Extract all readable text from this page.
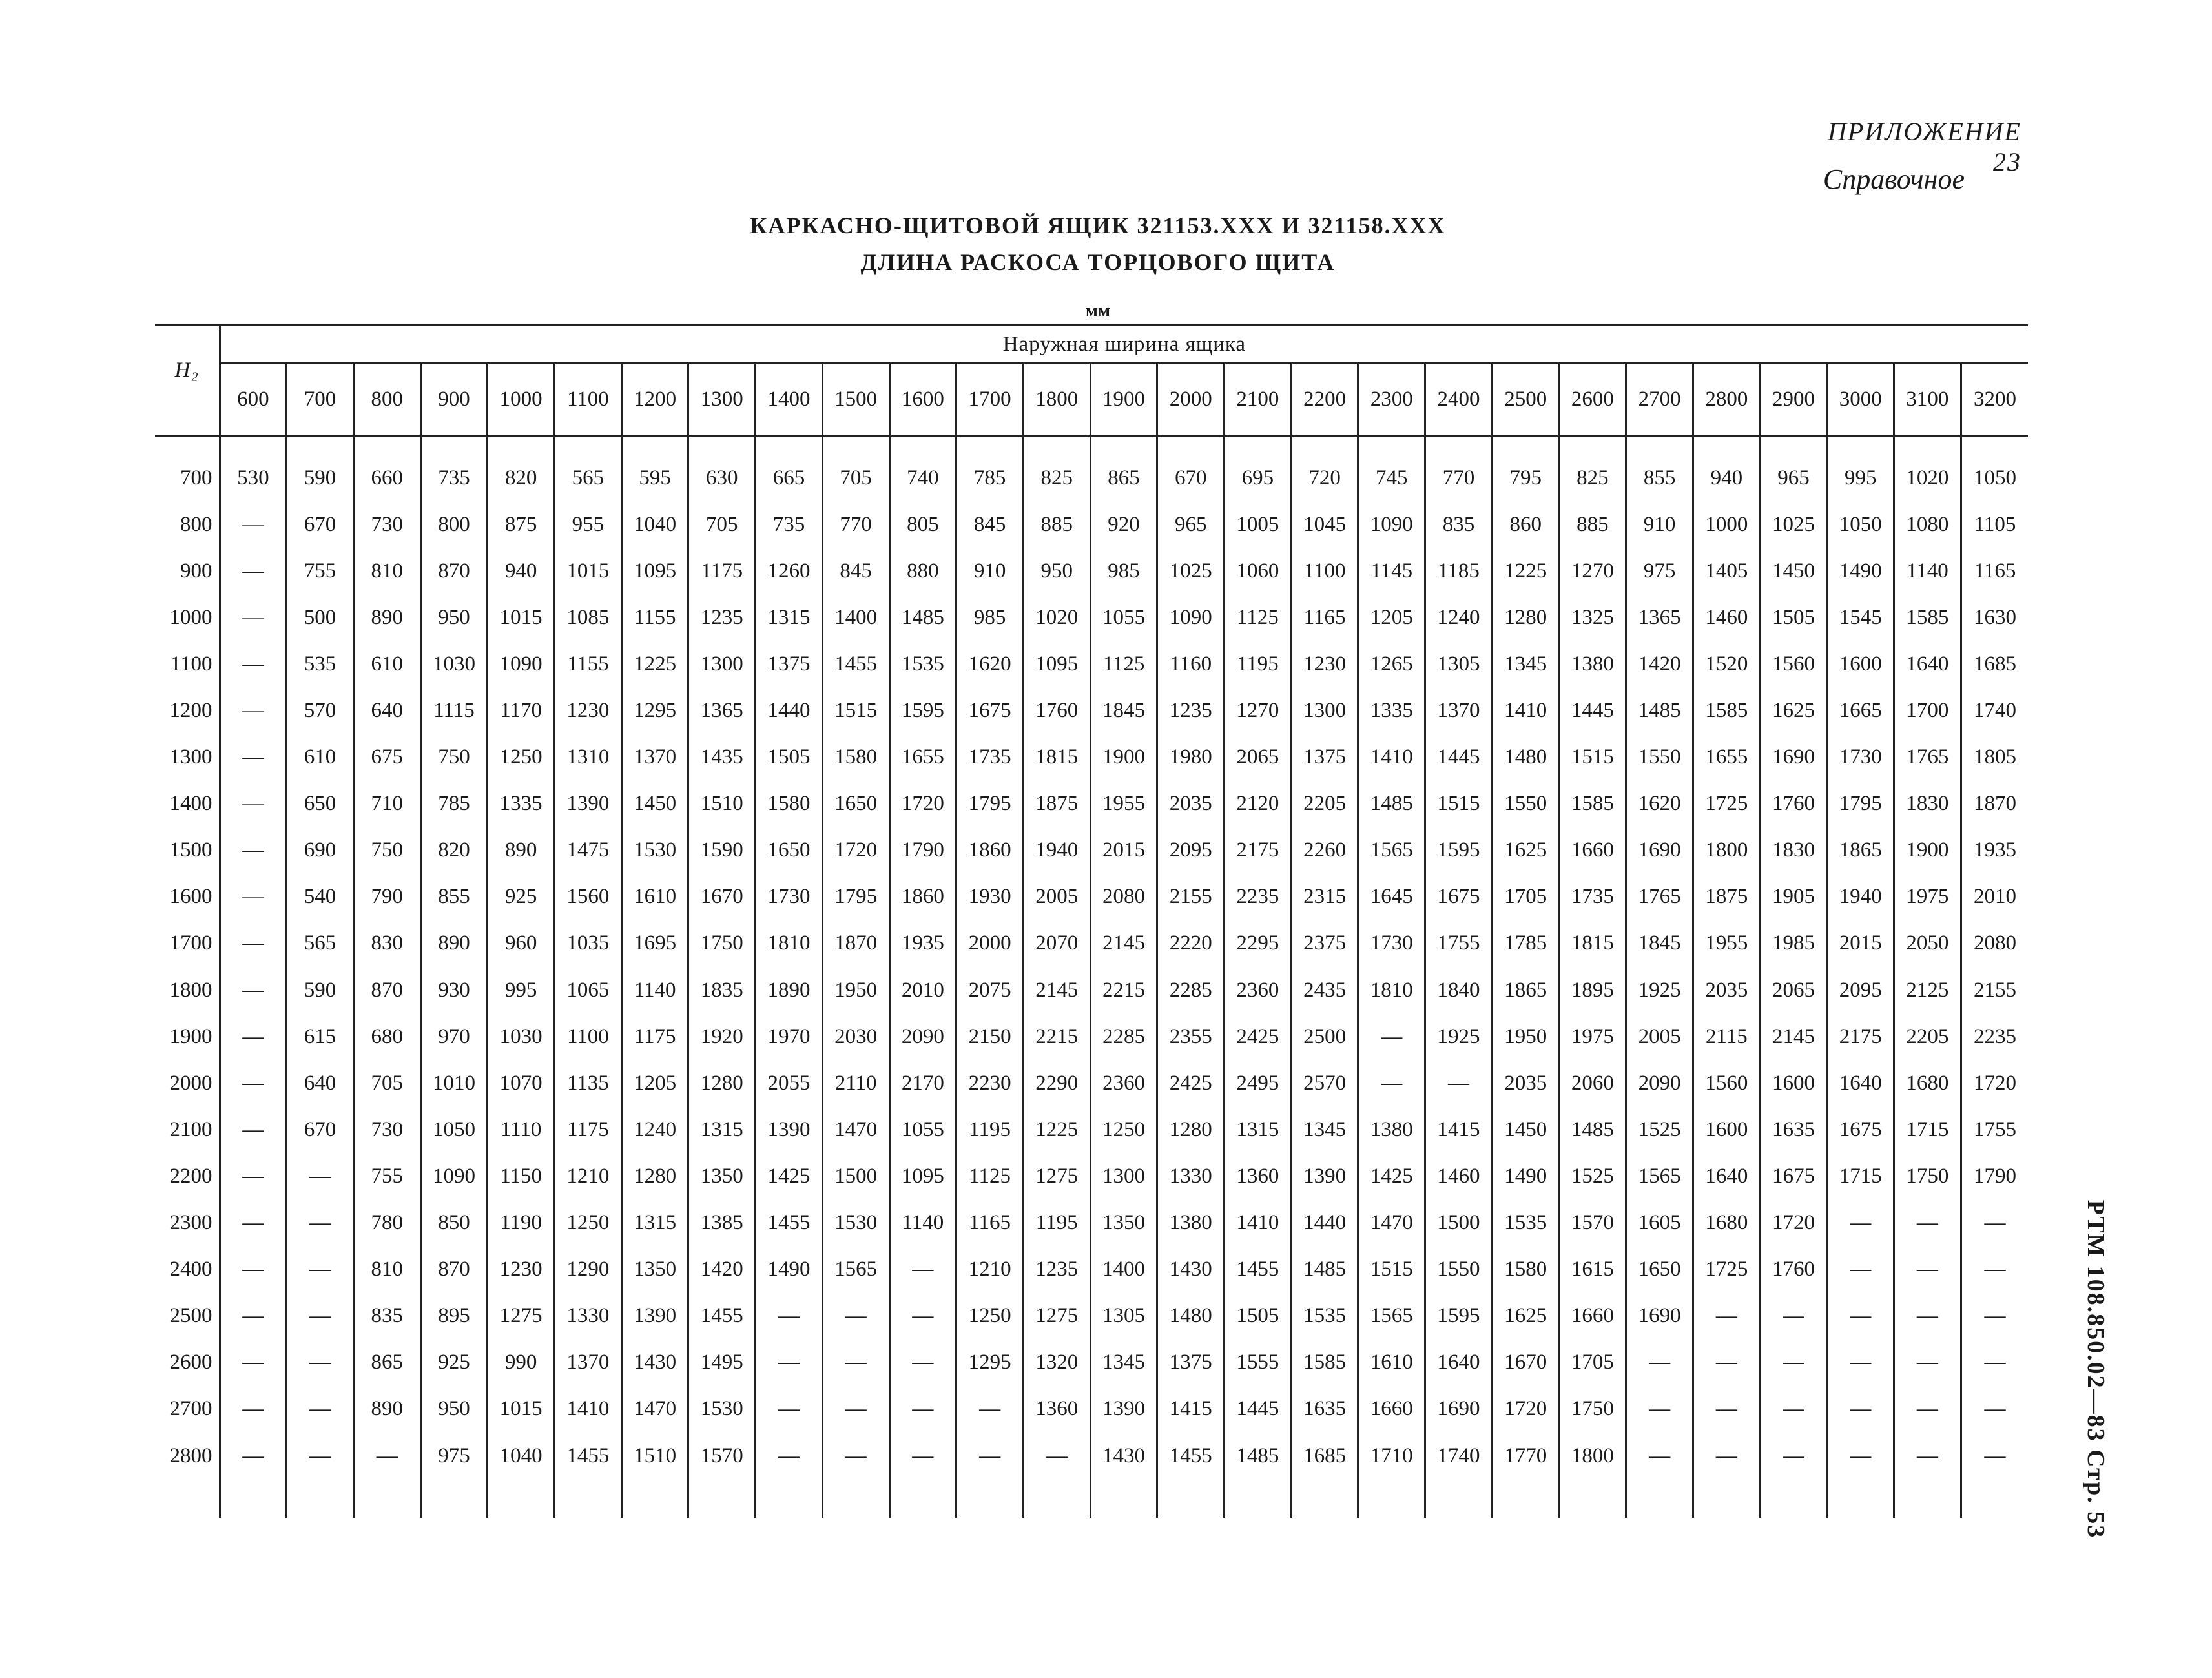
ПРИЛОЖЕНИЕ 23
Справочное
КАРКАСНО-ЩИТОВОЙ ЯЩИК 321153.XXX И 321158.XXX
ДЛИНА РАСКОСА ТОРЦОВОГО ЩИТА
мм
H₂	Наружная ширина ящика																										
	600	700	800	900	1000	1100	1200	1300	1400	1500	1600	1700	1800	1900	2000	2100	2200	2300	2400	2500	2600	2700	2800	2900	3000	3100	3200

700	530	590	660	735	820	565	595	630	665	705	740	785	825	865	670	695	720	745	770	795	825	855	940	965	995	1020	1050
800	—	670	730	800	875	955	1040	705	735	770	805	845	885	920	965	1005	1045	1090	835	860	885	910	1000	1025	1050	1080	1105
900	—	755	810	870	940	1015	1095	1175	1260	845	880	910	950	985	1025	1060	1100	1145	1185	1225	1270	975	1405	1450	1490	1140	1165
1000	—	500	890	950	1015	1085	1155	1235	1315	1400	1485	985	1020	1055	1090	1125	1165	1205	1240	1280	1325	1365	1460	1505	1545	1585	1630
1100	—	535	610	1030	1090	1155	1225	1300	1375	1455	1535	1620	1095	1125	1160	1195	1230	1265	1305	1345	1380	1420	1520	1560	1600	1640	1685
1200	—	570	640	1115	1170	1230	1295	1365	1440	1515	1595	1675	1760	1845	1235	1270	1300	1335	1370	1410	1445	1485	1585	1625	1665	1700	1740
1300	—	610	675	750	1250	1310	1370	1435	1505	1580	1655	1735	1815	1900	1980	2065	1375	1410	1445	1480	1515	1550	1655	1690	1730	1765	1805
1400	—	650	710	785	1335	1390	1450	1510	1580	1650	1720	1795	1875	1955	2035	2120	2205	1485	1515	1550	1585	1620	1725	1760	1795	1830	1870
1500	—	690	750	820	890	1475	1530	1590	1650	1720	1790	1860	1940	2015	2095	2175	2260	1565	1595	1625	1660	1690	1800	1830	1865	1900	1935
1600	—	540	790	855	925	1560	1610	1670	1730	1795	1860	1930	2005	2080	2155	2235	2315	1645	1675	1705	1735	1765	1875	1905	1940	1975	2010
1700	—	565	830	890	960	1035	1695	1750	1810	1870	1935	2000	2070	2145	2220	2295	2375	1730	1755	1785	1815	1845	1955	1985	2015	2050	2080
1800	—	590	870	930	995	1065	1140	1835	1890	1950	2010	2075	2145	2215	2285	2360	2435	1810	1840	1865	1895	1925	2035	2065	2095	2125	2155
1900	—	615	680	970	1030	1100	1175	1920	1970	2030	2090	2150	2215	2285	2355	2425	2500	—	1925	1950	1975	2005	2115	2145	2175	2205	2235
2000	—	640	705	1010	1070	1135	1205	1280	2055	2110	2170	2230	2290	2360	2425	2495	2570	—	—	2035	2060	2090	1560	1600	1640	1680	1720
2100	—	670	730	1050	1110	1175	1240	1315	1390	1470	1055	1195	1225	1250	1280	1315	1345	1380	1415	1450	1485	1525	1600	1635	1675	1715	1755
2200	—	—	755	1090	1150	1210	1280	1350	1425	1500	1095	1125	1275	1300	1330	1360	1390	1425	1460	1490	1525	1565	1640	1675	1715	1750	1790
2300	—	—	780	850	1190	1250	1315	1385	1455	1530	1140	1165	1195	1350	1380	1410	1440	1470	1500	1535	1570	1605	1680	1720	—	—	—
2400	—	—	810	870	1230	1290	1350	1420	1490	1565	—	1210	1235	1400	1430	1455	1485	1515	1550	1580	1615	1650	1725	1760	—	—	—
2500	—	—	835	895	1275	1330	1390	1455	—	—	—	1250	1275	1305	1480	1505	1535	1565	1595	1625	1660	1690	—	—	—	—	—
2600	—	—	865	925	990	1370	1430	1495	—	—	—	1295	1320	1345	1375	1555	1585	1610	1640	1670	1705	—	—	—	—	—	—
2700	—	—	890	950	1015	1410	1470	1530	—	—	—	—	1360	1390	1415	1445	1635	1660	1690	1720	1750	—	—	—	—	—	—
2800	—	—	—	975	1040	1455	1510	1570	—	—	—	—	—	1430	1455	1485	1685	1710	1740	1770	1800	—	—	—	—	—	—
																												РТМ 108.850.02—83 Стр. 53
